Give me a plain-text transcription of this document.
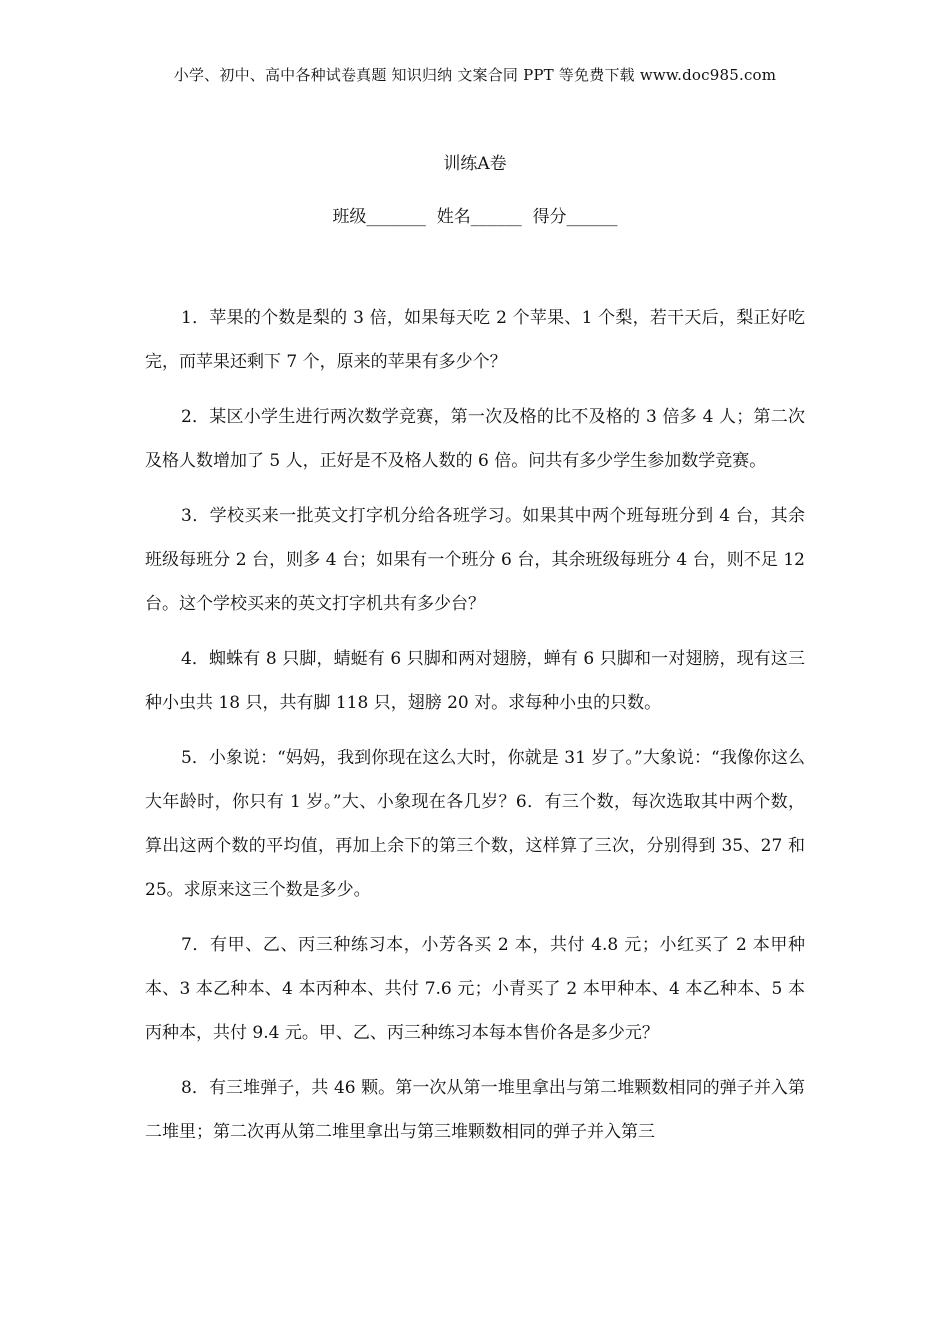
小学、初中、高中各种试卷真题 知识归纳 文案合同 PPT 等免费下载 www.doc985.com
训练A卷
班级_______ 姓名______ 得分______

1．苹果的个数是梨的 3 倍，如果每天吃 2 个苹果、1 个梨，若干天后，梨正好吃完，而苹果还剩下 7 个，原来的苹果有多少个？

2．某区小学生进行两次数学竞赛，第一次及格的比不及格的 3 倍多 4 人；第二次及格人数增加了 5 人，正好是不及格人数的 6 倍。问共有多少学生参加数学竞赛。

3．学校买来一批英文打字机分给各班学习。如果其中两个班每班分到 4 台，其余班级每班分 2 台，则多 4 台；如果有一个班分 6 台，其余班级每班分 4 台，则不足 12 台。这个学校买来的英文打字机共有多少台？

4．蜘蛛有 8 只脚，蜻蜓有 6 只脚和两对翅膀，蝉有 6 只脚和一对翅膀，现有这三种小虫共 18 只，共有脚 118 只，翅膀 20 对。求每种小虫的只数。

5．小象说：“妈妈，我到你现在这么大时，你就是 31 岁了。”大象说：“我像你这么大年龄时，你只有 1 岁。”大、小象现在各几岁？6．有三个数，每次选取其中两个数，算出这两个数的平均值，再加上余下的第三个数，这样算了三次，分别得到 35、27 和 25。求原来这三个数是多少。

7．有甲、乙、丙三种练习本，小芳各买 2 本，共付 4.8 元；小红买了 2 本甲种本、3 本乙种本、4 本丙种本、共付 7.6 元；小青买了 2 本甲种本、4 本乙种本、5 本丙种本，共付 9.4 元。甲、乙、丙三种练习本每本售价各是多少元？

8．有三堆弹子，共 46 颗。第一次从第一堆里拿出与第二堆颗数相同的弹子并入第二堆里；第二次再从第二堆里拿出与第三堆颗数相同的弹子并入第三
